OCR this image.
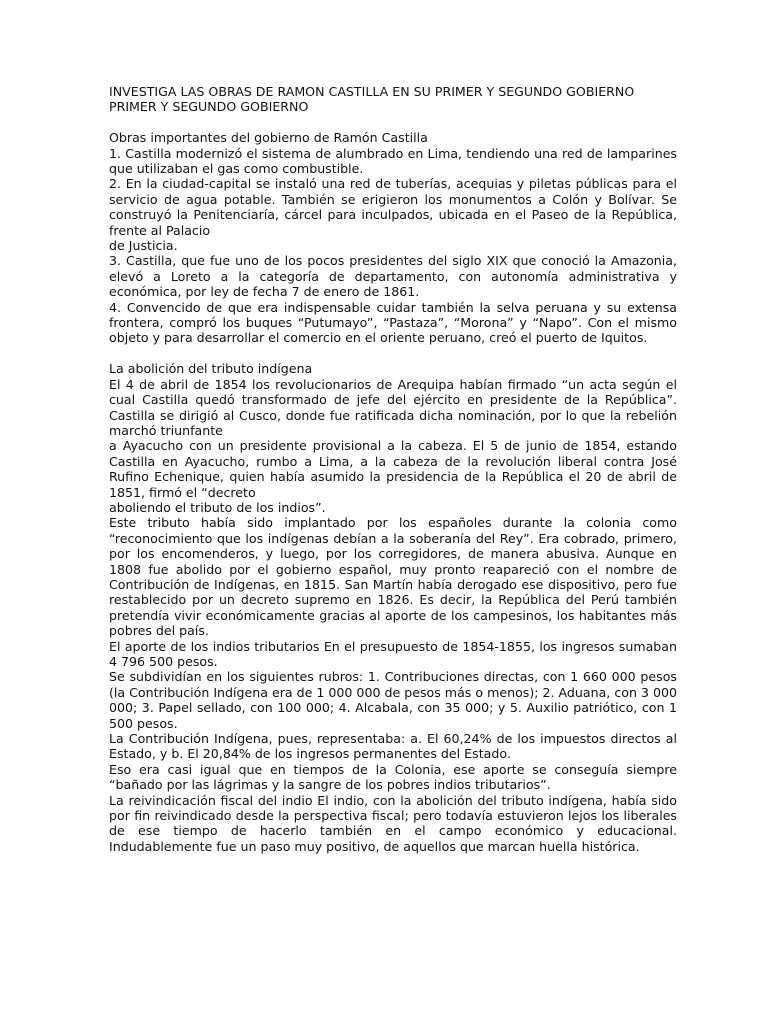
INVESTIGA LAS OBRAS DE RAMON CASTILLA EN SU PRIMER Y SEGUNDO GOBIERNO

PRIMER Y SEGUNDO GOBIERNO

Obras importantes del gobierno de Ramón Castilla

1. Castilla modernizó el sistema de alumbrado en Lima, tendiendo una red de lamparines que utilizaban el gas como combustible.

2. En la ciudad-capital se instaló una red de tuberías, acequias y piletas públicas para el servicio de agua potable. También se erigieron los monumentos a Colón y Bolívar. Se construyó la Penitenciaría, cárcel para inculpados, ubicada en el Paseo de la República, frente al Palacio

de Justicia.

3. Castilla, que fue uno de los pocos presidentes del siglo XIX que conoció la Amazonia, elevó a Loreto a la categoría de departamento, con autonomía administrativa y económica, por ley de fecha 7 de enero de 1861.

4. Convencido de que era indispensable cuidar también la selva peruana y su extensa frontera, compró los buques “Putumayo”, “Pastaza”, “Morona” y “Napo”. Con el mismo objeto y para desarrollar el comercio en el oriente peruano, creó el puerto de Iquitos.

La abolición del tributo indígena

El 4 de abril de 1854 los revolucionarios de Arequipa habían firmado “un acta según el cual Castilla quedó transformado de jefe del ejército en presidente de la República”. Castilla se dirigió al Cusco, donde fue ratificada dicha nominación, por lo que la rebelión marchó triunfante

a Ayacucho con un presidente provisional a la cabeza. El 5 de junio de 1854, estando Castilla en Ayacucho, rumbo a Lima, a la cabeza de la revolución liberal contra José Rufino Echenique, quien había asumido la presidencia de la República el 20 de abril de 1851, firmó el “decreto

aboliendo el tributo de los indios”.

Este tributo había sido implantado por los españoles durante la colonia como “reconocimiento que los indígenas debían a la soberanía del Rey”. Era cobrado, primero, por los encomenderos, y luego, por los corregidores, de manera abusiva. Aunque en 1808 fue abolido por el gobierno español, muy pronto reapareció con el nombre de Contribución de Indígenas, en 1815. San Martín había derogado ese dispositivo, pero fue restablecido por un decreto supremo en 1826. Es decir, la República del Perú también pretendía vivir económicamente gracias al aporte de los campesinos, los habitantes más pobres del país.

El aporte de los indios tributarios En el presupuesto de 1854-1855, los ingresos sumaban 4 796 500 pesos.

Se subdividían en los siguientes rubros: 1. Contribuciones directas, con 1 660 000 pesos (la Contribución Indígena era de 1 000 000 de pesos más o menos); 2. Aduana, con 3 000 000; 3. Papel sellado, con 100 000; 4. Alcabala, con 35 000; y 5. Auxilio patriótico, con 1 500 pesos.

La Contribución Indígena, pues, representaba: a. El 60,24% de los impuestos directos al Estado, y b. El 20,84% de los ingresos permanentes del Estado.

Eso era casi igual que en tiempos de la Colonia, ese aporte se conseguía siempre “bañado por las lágrimas y la sangre de los pobres indios tributarios”.

La reivindicación fiscal del indio El indio, con la abolición del tributo indígena, había sido por fin reivindicado desde la perspectiva fiscal; pero todavía estuvieron lejos los liberales de ese tiempo de hacerlo también en el campo económico y educacional. Indudablemente fue un paso muy positivo, de aquellos que marcan huella histórica.
